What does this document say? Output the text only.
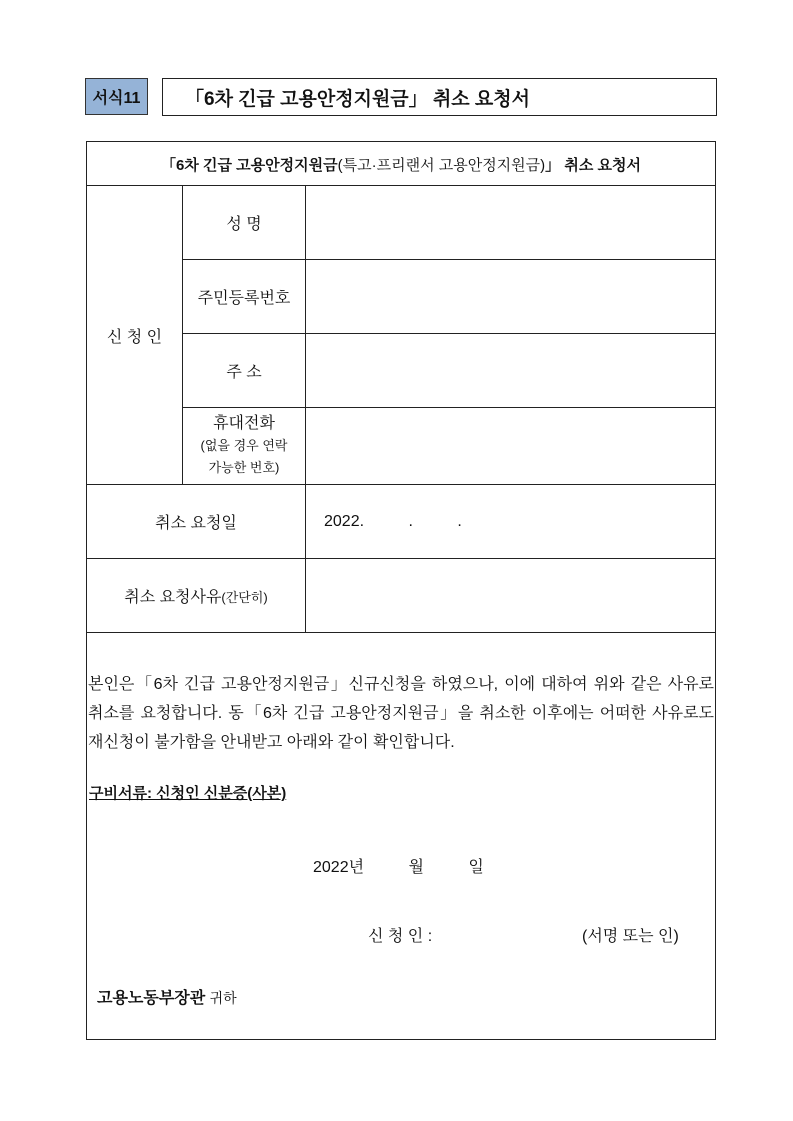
서식11	「6차 긴급 고용안정지원금」 취소 요청서
「6차 긴급 고용안정지원금(특고·프리랜서 고용안정지원금)」 취소 요청서
신 청 인
성 명
주민등록번호
주 소
휴대전화
(없을 경우 연락
가능한 번호)
취소 요청일	2022.          .          .
취소 요청사유(간단히)
본인은「6차 긴급 고용안정지원금」신규신청을 하였으나, 이에 대하여 위와 같은 사유로 취소를 요청합니다. 동「6차 긴급 고용안정지원금」을 취소한 이후에는 어떠한 사유로도 재신청이 불가함을 안내받고 아래와 같이 확인합니다.
구비서류: 신청인 신분증(사본)
2022년          월          일
신 청 인 :	(서명 또는 인)
고용노동부장관 귀하
